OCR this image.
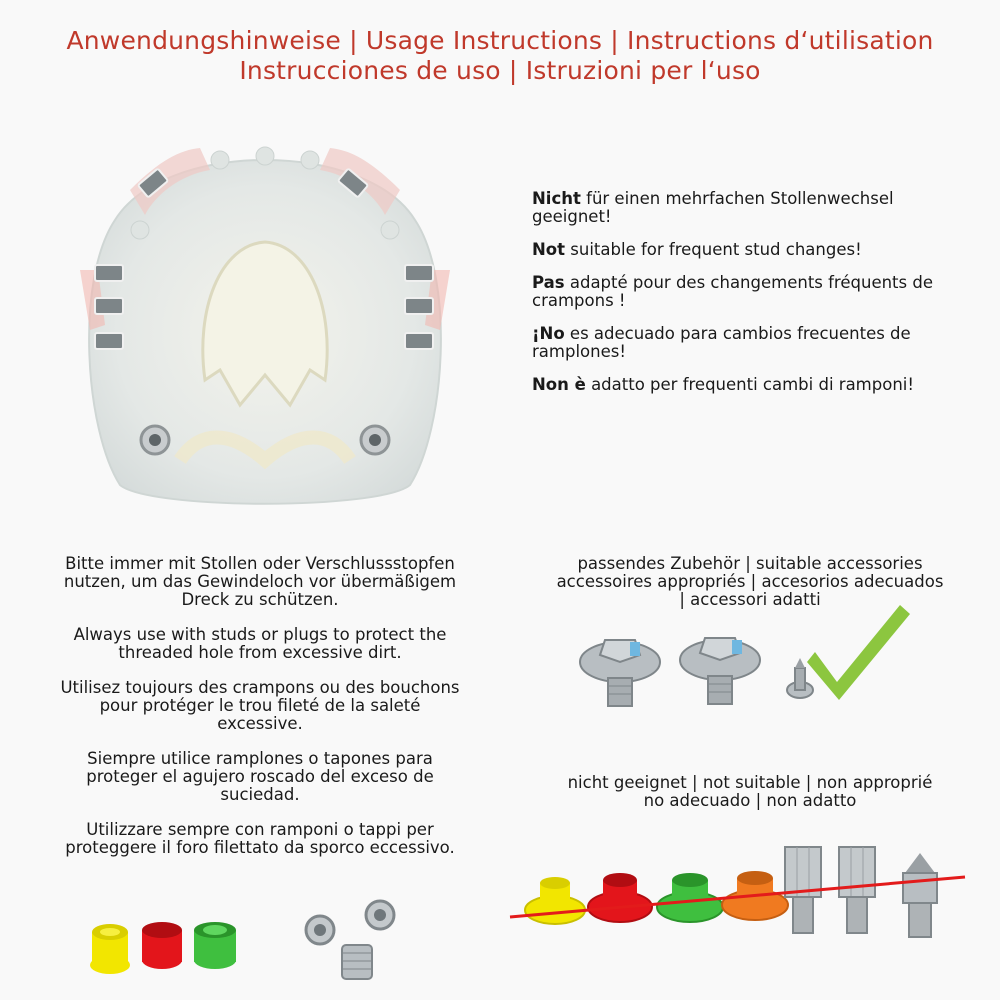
Anwendungshinweise | Usage Instructions | Instructions d‘utilisation
Instrucciones de uso | Istruzioni per l‘uso

Nicht für einen mehrfachen Stollenwechsel geeignet!

Not suitable for frequent stud changes!

Pas adapté pour des changements fréquents de crampons !

¡No es adecuado para cambios frecuentes de ramplones!

Non è adatto per frequenti cambi di ramponi!

Bitte immer mit Stollen oder Verschlussstopfen nutzen, um das Gewindeloch vor übermäßigem Dreck zu schützen.

Always use with studs or plugs to protect the threaded hole from excessive dirt.

Utilisez toujours des crampons ou des bouchons pour protéger le trou fileté de la saleté excessive.

Siempre utilice ramplones o tapones para proteger el agujero roscado del exceso de suciedad.

Utilizzare sempre con ramponi o tappi per proteggere il foro filettato da sporco eccessivo.

passendes Zubehör | suitable accessories
accessoires appropriés | accesorios adecuados
| accessori adatti
nicht geeignet | not suitable | non approprié
no adecuado | non adatto
